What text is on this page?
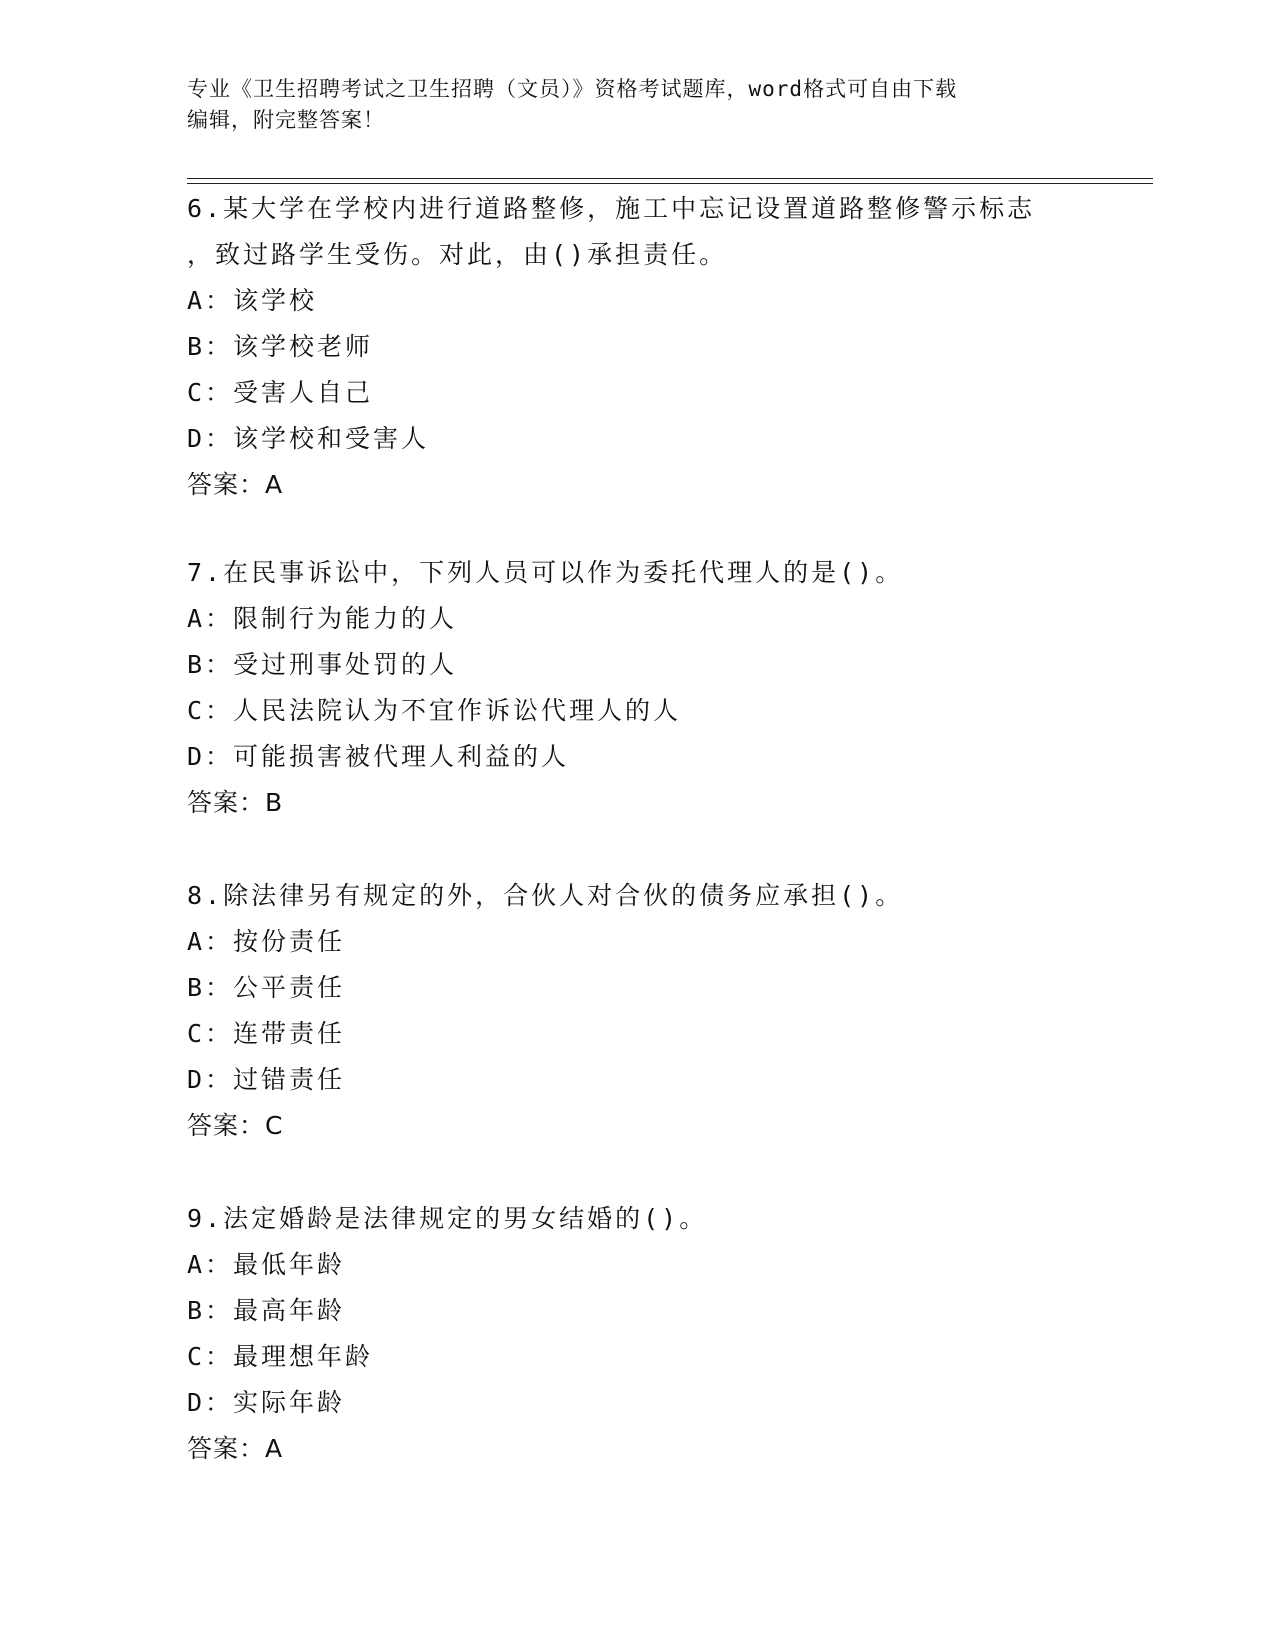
专业《卫生招聘考试之卫生招聘（文员）》资格考试题库，word格式可自由下载
编辑，附完整答案！
6.某大学在学校内进行道路整修，施工中忘记设置道路整修警示标志
，致过路学生受伤。对此，由()承担责任。
A：该学校
B：该学校老师
C：受害人自己
D：该学校和受害人
答案：A
7.在民事诉讼中，下列人员可以作为委托代理人的是()。
A：限制行为能力的人
B：受过刑事处罚的人
C：人民法院认为不宜作诉讼代理人的人
D：可能损害被代理人利益的人
答案：B
8.除法律另有规定的外，合伙人对合伙的债务应承担()。
A：按份责任
B：公平责任
C：连带责任
D：过错责任
答案：C
9.法定婚龄是法律规定的男女结婚的()。
A：最低年龄
B：最高年龄
C：最理想年龄
D：实际年龄
答案：A
